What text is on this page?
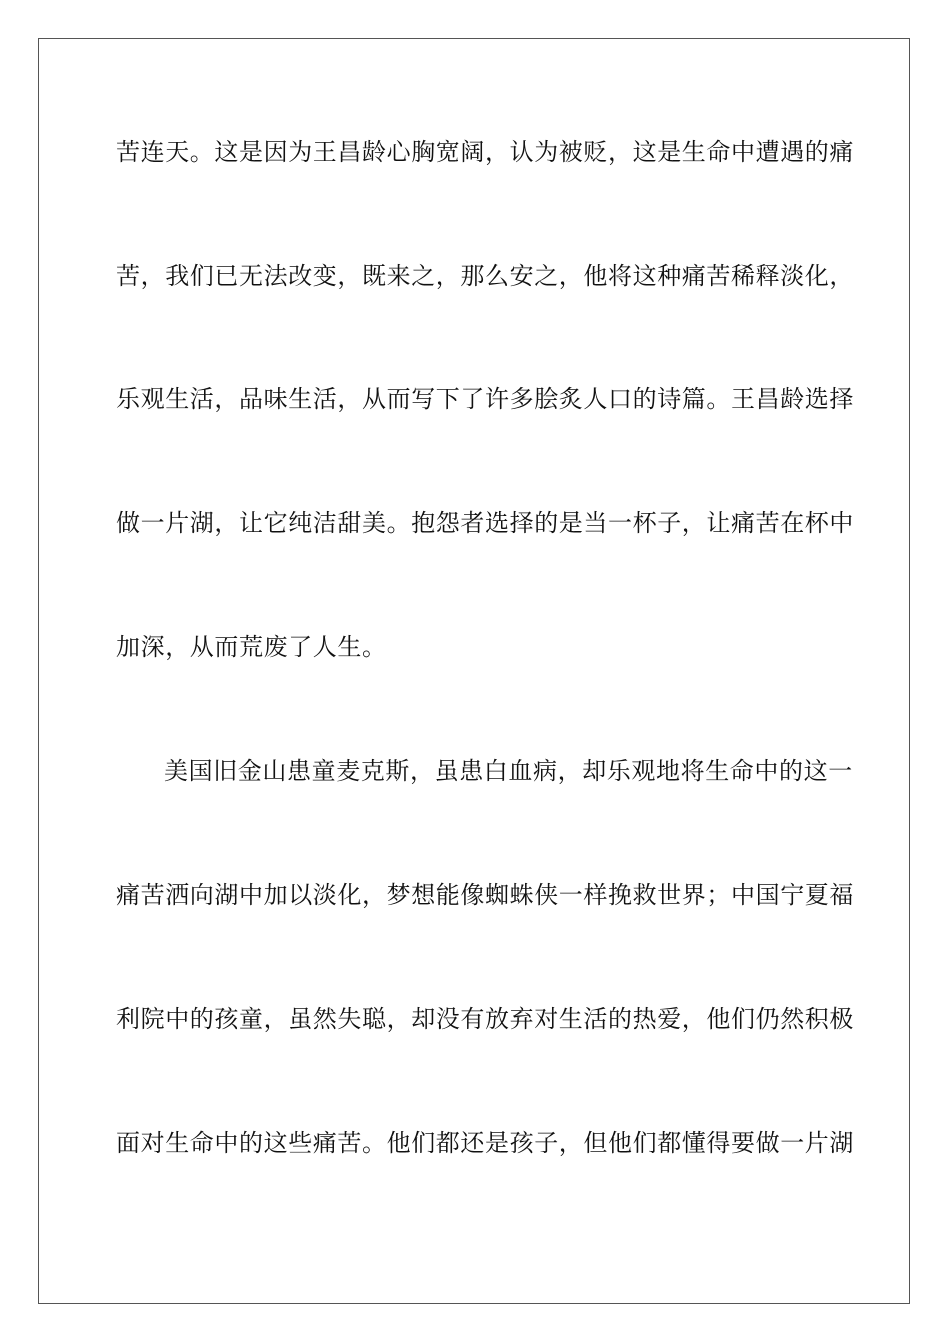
苦连天。这是因为王昌龄心胸宽阔，认为被贬，这是生命中遭遇的痛
苦，我们已无法改变，既来之，那么安之，他将这种痛苦稀释淡化，
乐观生活，品味生活，从而写下了许多脍炙人口的诗篇。王昌龄选择
做一片湖，让它纯洁甜美。抱怨者选择的是当一杯子，让痛苦在杯中
加深，从而荒废了人生。
美国旧金山患童麦克斯，虽患白血病，却乐观地将生命中的这一
痛苦洒向湖中加以淡化，梦想能像蜘蛛侠一样挽救世界；中国宁夏福
利院中的孩童，虽然失聪，却没有放弃对生活的热爱，他们仍然积极
面对生命中的这些痛苦。他们都还是孩子，但他们都懂得要做一片湖
